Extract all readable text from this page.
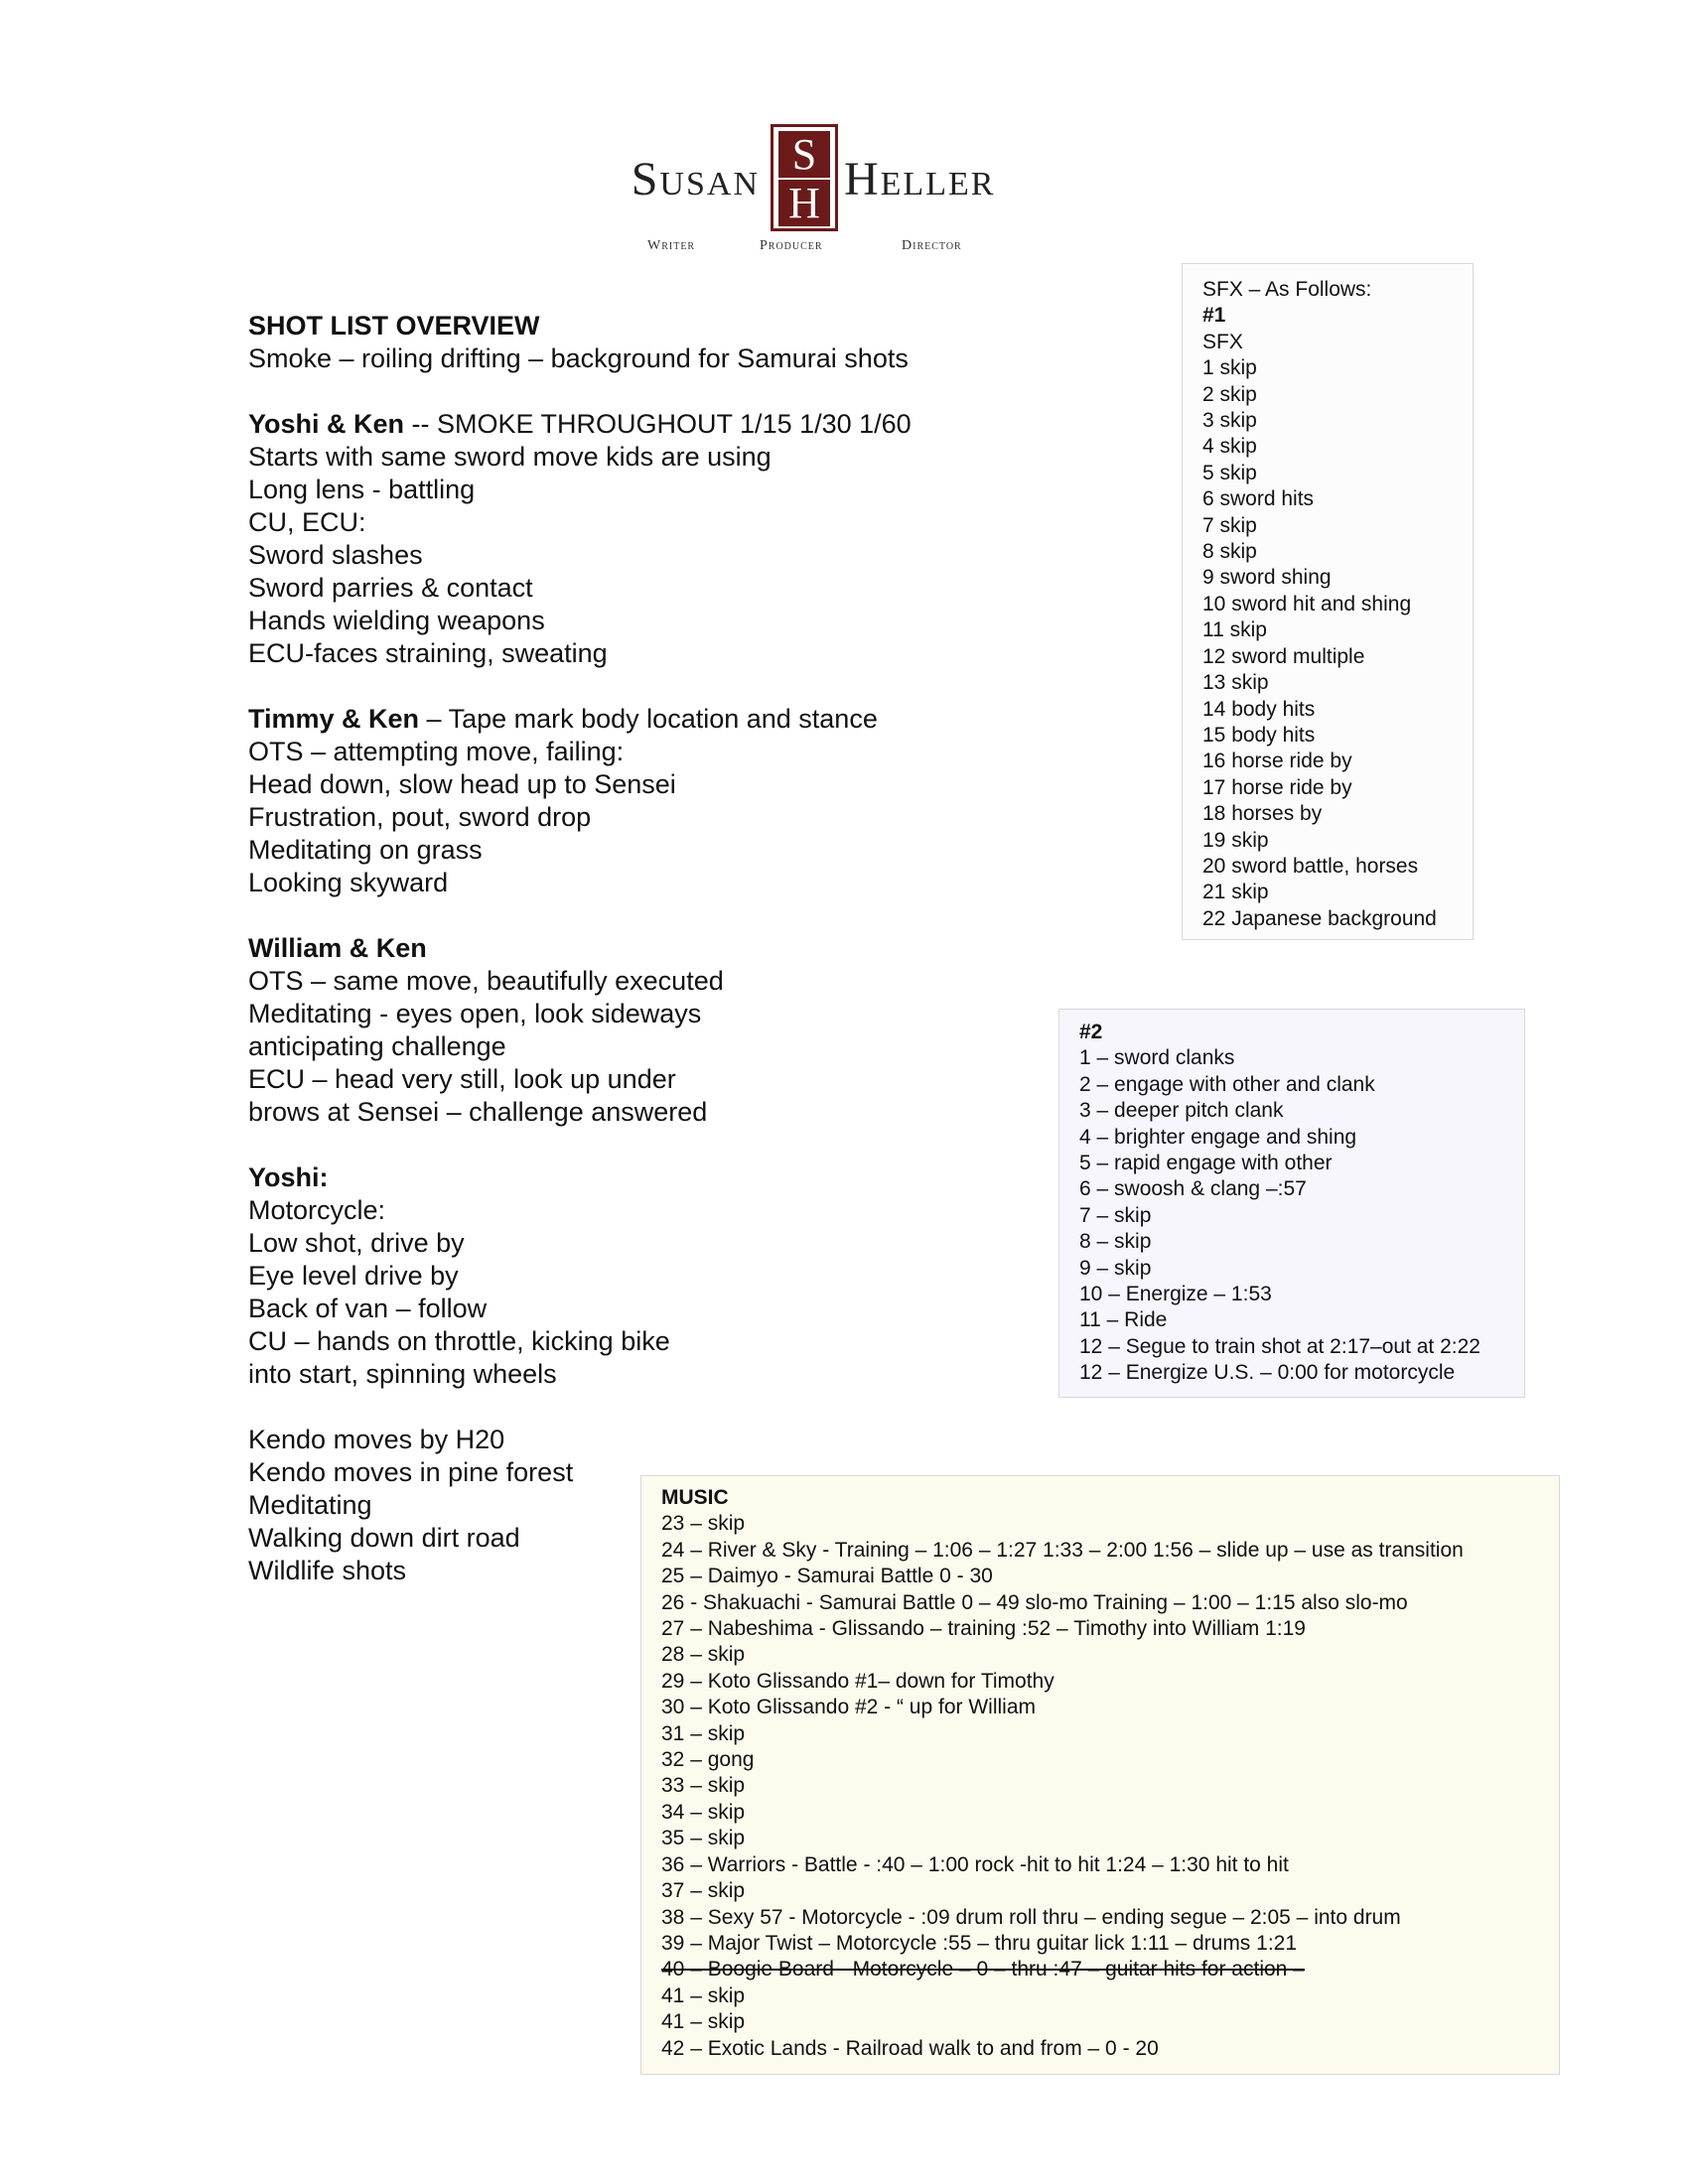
Susan S
H Heller
Writer	Producer	Director

SHOT LIST OVERVIEW

Smoke – roiling drifting – background for Samurai shots

Yoshi & Ken -- SMOKE THROUGHOUT 1/15 1/30 1/60

Starts with same sword move kids are using

Long lens - battling

CU, ECU:

Sword slashes

Sword parries & contact

Hands wielding weapons

ECU-faces straining, sweating

Timmy & Ken – Tape mark body location and stance

OTS – attempting move, failing:

Head down, slow head up to Sensei

Frustration, pout, sword drop

Meditating on grass

Looking skyward

William & Ken

OTS – same move, beautifully executed

Meditating - eyes open, look sideways

anticipating challenge

ECU – head very still, look up under

brows at Sensei – challenge answered

Yoshi:

Motorcycle:

Low shot, drive by

Eye level drive by

Back of van – follow

CU – hands on throttle, kicking bike

into start, spinning wheels

Kendo moves by H20

Kendo moves in pine forest

Meditating

Walking down dirt road

Wildlife shots

SFX – As Follows:

#1

SFX

1 skip

2 skip

3 skip

4 skip

5 skip

6 sword hits

7 skip

8 skip

9 sword shing

10 sword hit and shing

11 skip

12 sword multiple

13 skip

14 body hits

15 body hits

16 horse ride by

17 horse ride by

18 horses by

19 skip

20 sword battle, horses

21 skip

22 Japanese background

#2

1 – sword clanks

2 – engage with other and clank

3 – deeper pitch clank

4 – brighter engage and shing

5 – rapid engage with other

6 – swoosh & clang –:57

7 – skip

8 – skip

9 – skip

10 – Energize – 1:53

11 – Ride

12 – Segue to train shot at 2:17–out at 2:22

12 – Energize U.S. – 0:00 for motorcycle

MUSIC

23 – skip

24 – River & Sky - Training – 1:06 – 1:27 1:33 – 2:00 1:56 – slide up – use as transition

25 – Daimyo - Samurai Battle 0 - 30

26 - Shakuachi - Samurai Battle 0 – 49 slo-mo Training – 1:00 – 1:15 also slo-mo

27 – Nabeshima - Glissando – training :52 – Timothy into William 1:19

28 – skip

29 – Koto Glissando #1– down for Timothy

30 – Koto Glissando #2 - “ up for William

31 – skip

32 – gong

33 – skip

34 – skip

35 – skip

36 – Warriors - Battle - :40 – 1:00 rock -hit to hit 1:24 – 1:30 hit to hit

37 – skip

38 – Sexy 57 - Motorcycle - :09 drum roll thru – ending segue – 2:05 – into drum

39 – Major Twist – Motorcycle :55 – thru guitar lick 1:11 – drums 1:21

40 – Boogie Board - Motorcycle – 0 – thru :47 – guitar hits for action –

41 – skip

41 – skip

42 – Exotic Lands - Railroad walk to and from – 0 - 20
